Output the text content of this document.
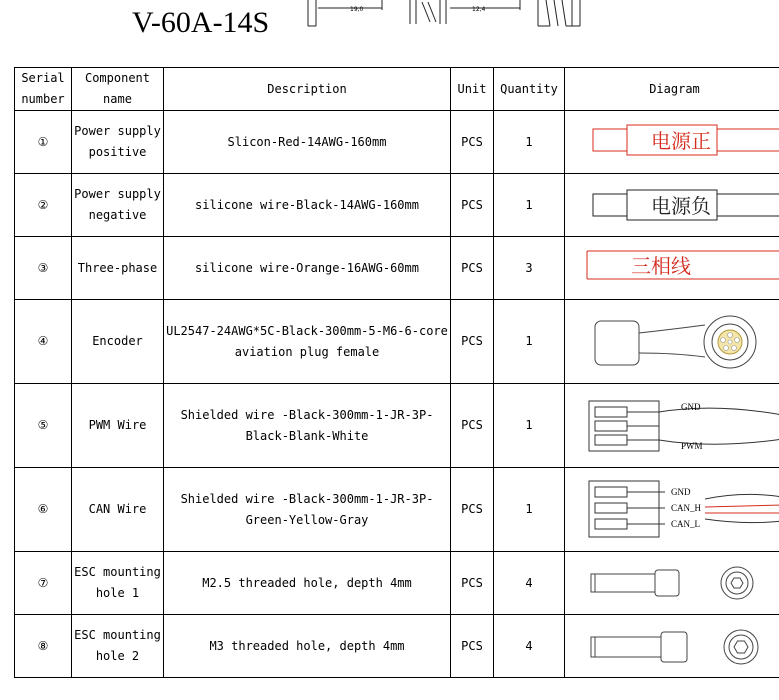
V-60A-14S	19,0	12,4
Serial number	Component name	Description	Unit	Quantity	Diagram
①	Power supply positive	Slicon-Red-14AWG-160mm	PCS	1	电源正

②	Power supply negative	silicone wire-Black-14AWG-160mm	PCS	1	电源负

③	Three-phase	silicone wire-Orange-16AWG-60mm	PCS	3	三相线

④	Encoder	UL2547-24AWG*5C-Black-300mm-5-M6-6-core aviation plug female	PCS	1	

⑤	PWM Wire	Shielded wire -Black-300mm-1-JR-3P-Black-Blank-White	PCS	1	GND
PWM

⑥	CAN Wire	Shielded wire -Black-300mm-1-JR-3P-Green-Yellow-Gray	PCS	1	GND
CAN_H
CAN_L

⑦	ESC mounting hole 1	M2.5 threaded hole, depth 4mm	PCS	4	

⑧	ESC mounting hole 2	M3 threaded hole, depth 4mm	PCS	4	
